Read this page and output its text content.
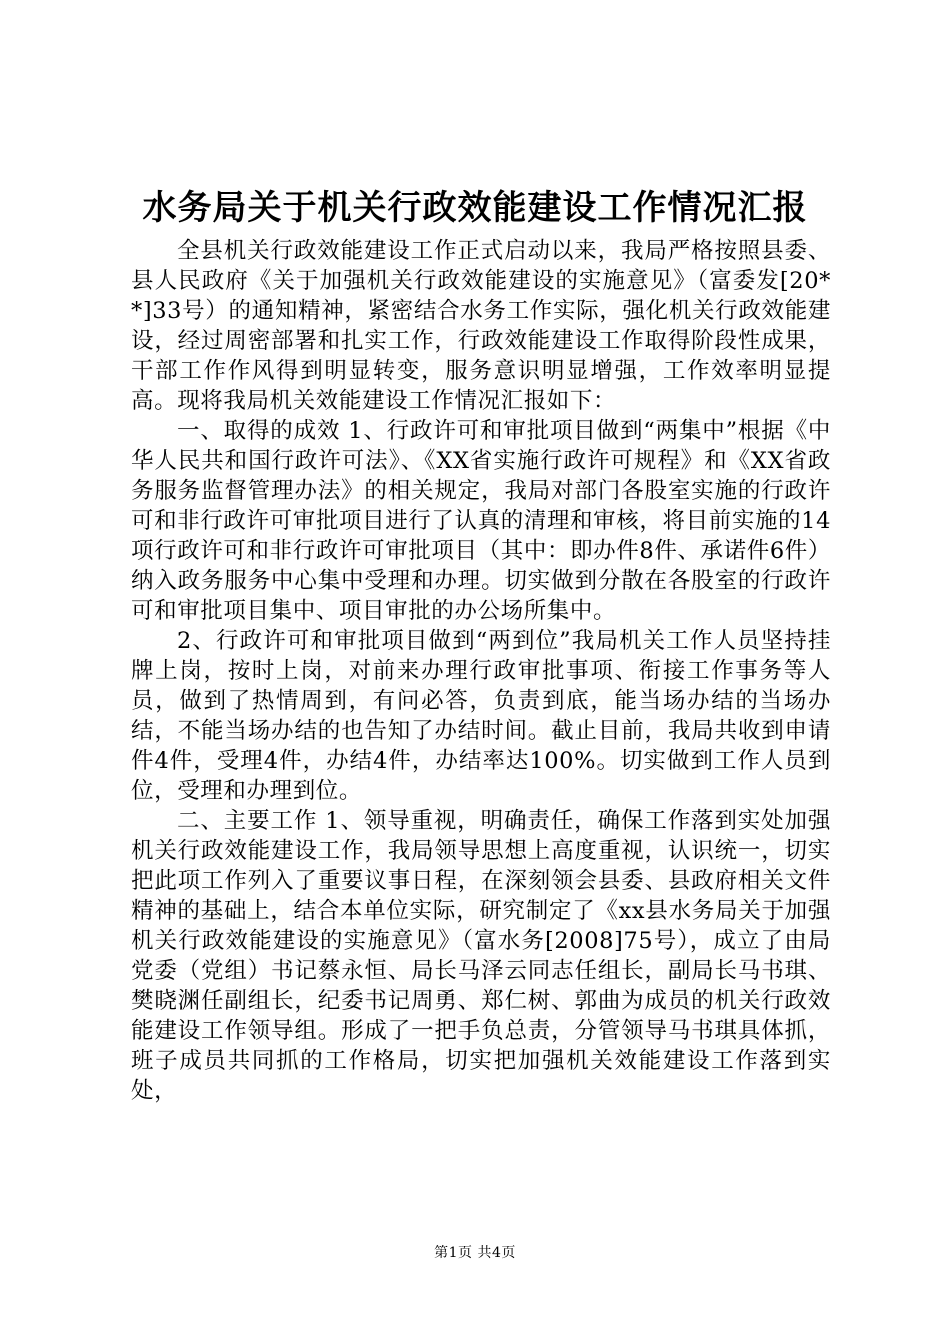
水务局关于机关行政效能建设工作情况汇报

全县机关行政效能建设工作正式启动以来，我局严格按照县委、县人民政府《关于加强机关行政效能建设的实施意见》（富委发[20**]33号）的通知精神，紧密结合水务工作实际，强化机关行政效能建设，经过周密部署和扎实工作，行政效能建设工作取得阶段性成果，干部工作作风得到明显转变，服务意识明显增强，工作效率明显提高。现将我局机关效能建设工作情况汇报如下：

一、取得的成效 1、行政许可和审批项目做到“两集中”根据《中华人民共和国行政许可法》、《XX省实施行政许可规程》和《XX省政务服务监督管理办法》的相关规定，我局对部门各股室实施的行政许可和非行政许可审批项目进行了认真的清理和审核，将目前实施的14项行政许可和非行政许可审批项目（其中：即办件8件、承诺件6件）纳入政务服务中心集中受理和办理。切实做到分散在各股室的行政许可和审批项目集中、项目审批的办公场所集中。

2、行政许可和审批项目做到“两到位”我局机关工作人员坚持挂牌上岗，按时上岗，对前来办理行政审批事项、衔接工作事务等人员，做到了热情周到，有问必答，负责到底，能当场办结的当场办结，不能当场办结的也告知了办结时间。截止目前，我局共收到申请件4件，受理4件，办结4件，办结率达100%。切实做到工作人员到位，受理和办理到位。

二、主要工作 1、领导重视，明确责任，确保工作落到实处加强机关行政效能建设工作，我局领导思想上高度重视，认识统一，切实把此项工作列入了重要议事日程，在深刻领会县委、县政府相关文件精神的基础上，结合本单位实际，研究制定了《xx县水务局关于加强机关行政效能建设的实施意见》（富水务[2008]75号），成立了由局党委（党组）书记蔡永恒、局长马泽云同志任组长，副局长马书琪、樊晓渊任副组长，纪委书记周勇、郑仁树、郭曲为成员的机关行政效能建设工作领导组。形成了一把手负总责，分管领导马书琪具体抓，班子成员共同抓的工作格局，切实把加强机关效能建设工作落到实处，

第1页 共4页
